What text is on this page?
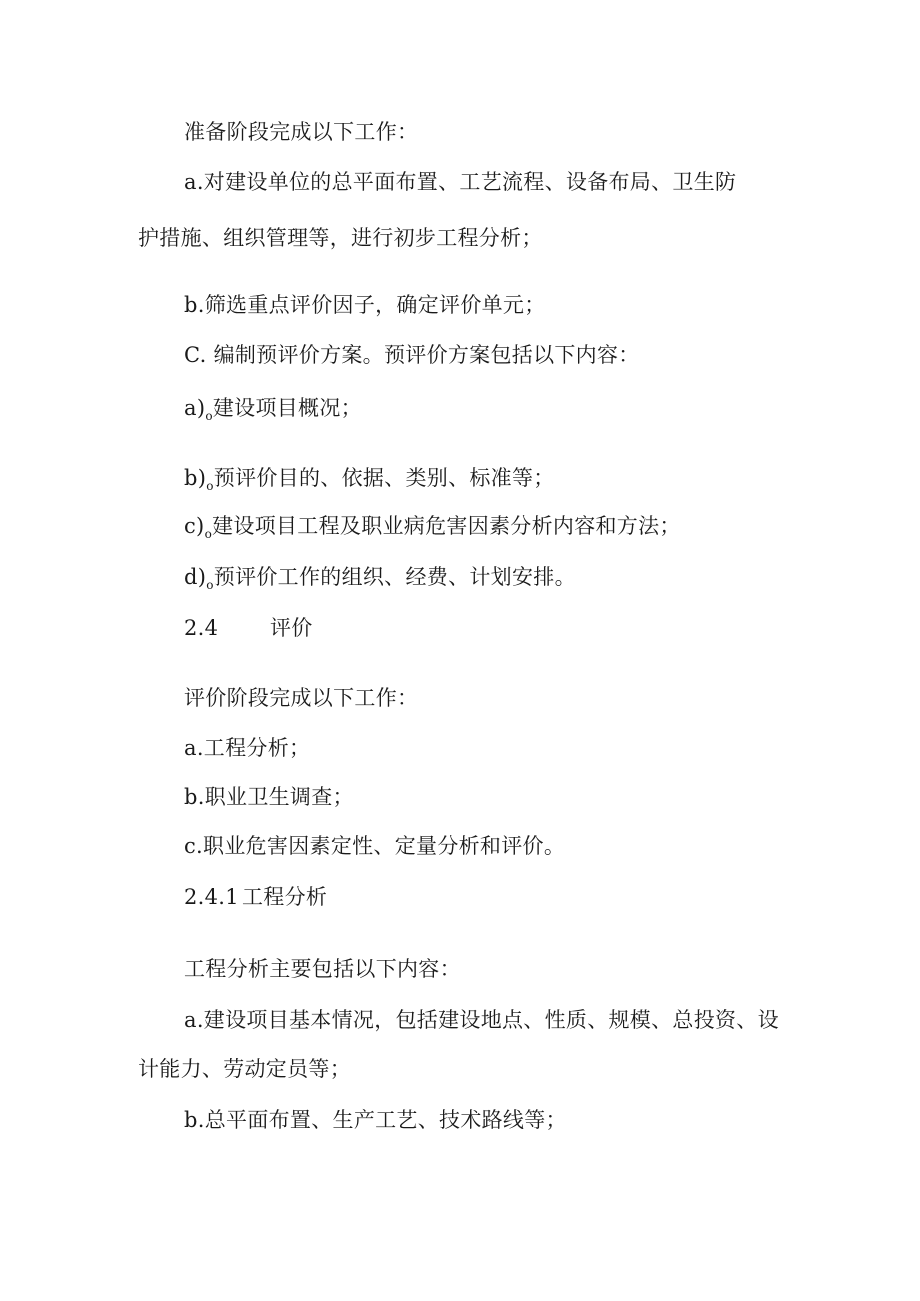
准备阶段完成以下工作：
a.对建设单位的总平面布置、工艺流程、设备布局、卫生防
护措施、组织管理等，进行初步工程分析；
b.筛选重点评价因子，确定评价单元；
C. 编制预评价方案。预评价方案包括以下内容：
$a)_o$建设项目概况；
$b)_o$预评价目的、依据、类别、标准等；
$c)_o$建设项目工程及职业病危害因素分析内容和方法；
$d)_o$预评价工作的组织、经费、计划安排。
2.4 评价
评价阶段完成以下工作：
a.工程分析；
b.职业卫生调查；
c.职业危害因素定性、定量分析和评价。
2.4.1 工程分析
工程分析主要包括以下内容：
a.建设项目基本情况，包括建设地点、性质、规模、总投资、设
计能力、劳动定员等；
b.总平面布置、生产工艺、技术路线等；
